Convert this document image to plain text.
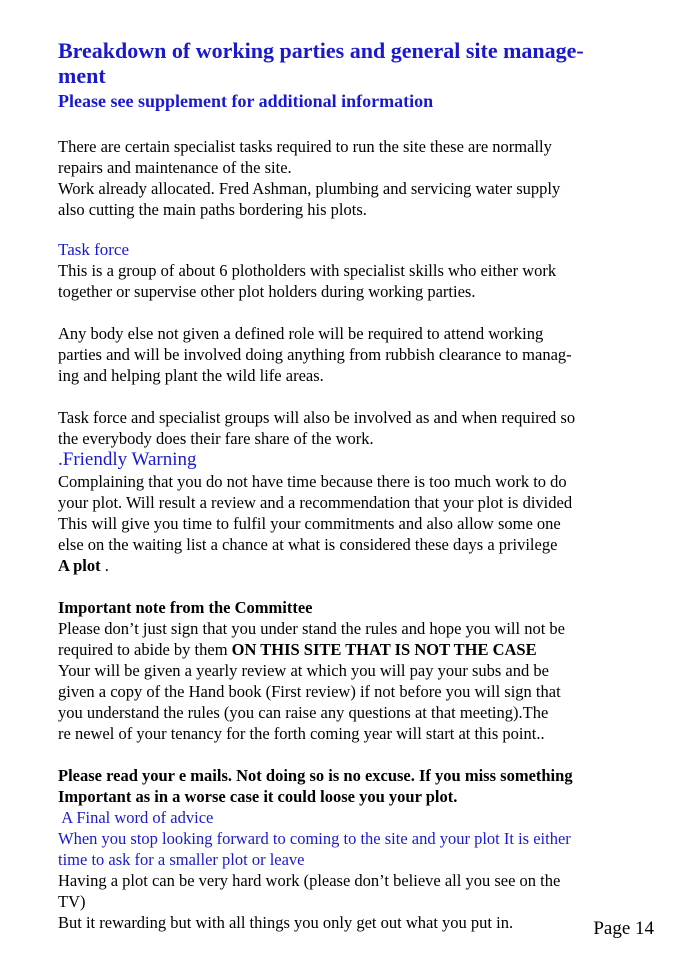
Breakdown of working parties and general site manage-
ment
Please see supplement for additional information

There are certain specialist tasks required to run the site these are normally

repairs and maintenance of the site.

Work already allocated. Fred Ashman, plumbing and servicing water supply

also cutting the main paths bordering his plots.

Task force

This is a group of about 6 plotholders with specialist skills who either work

together or supervise other plot holders during working parties.

Any body else not given a defined role will be required to attend working

parties and will be involved doing anything from rubbish clearance to manag-

ing and helping plant the wild life areas.

Task force and specialist groups will also be involved as and when required so

the everybody does their fare share of the work.

.Friendly Warning

Complaining that you do not have time because there is too much work to do

your plot. Will result a review and a recommendation that your plot is divided

This will give you time to fulfil your commitments and also allow some one

else on the waiting list a chance at what is considered these days a privilege

A plot .

Important note from the Committee

Please don’t just sign that you under stand the rules and hope you will not be

required to abide by them ON THIS SITE THAT IS NOT THE CASE

Your will be given a yearly review at which you will pay your subs and be

given a copy of the Hand book (First review) if not before you will sign that

you understand the rules (you can raise any questions at that meeting).The

re newel of your tenancy for the forth coming year will start at this point..

Please read your e mails. Not doing so is no excuse. If you miss something

Important as in a worse case it could loose you your plot.

A Final word of advice

When you stop looking forward to coming to the site and your plot It is either

time to ask for a smaller plot or leave

Having a plot can be very hard work (please don’t believe all you see on the

TV)

But it rewarding but with all things you only get out what you put in.	Page 14
